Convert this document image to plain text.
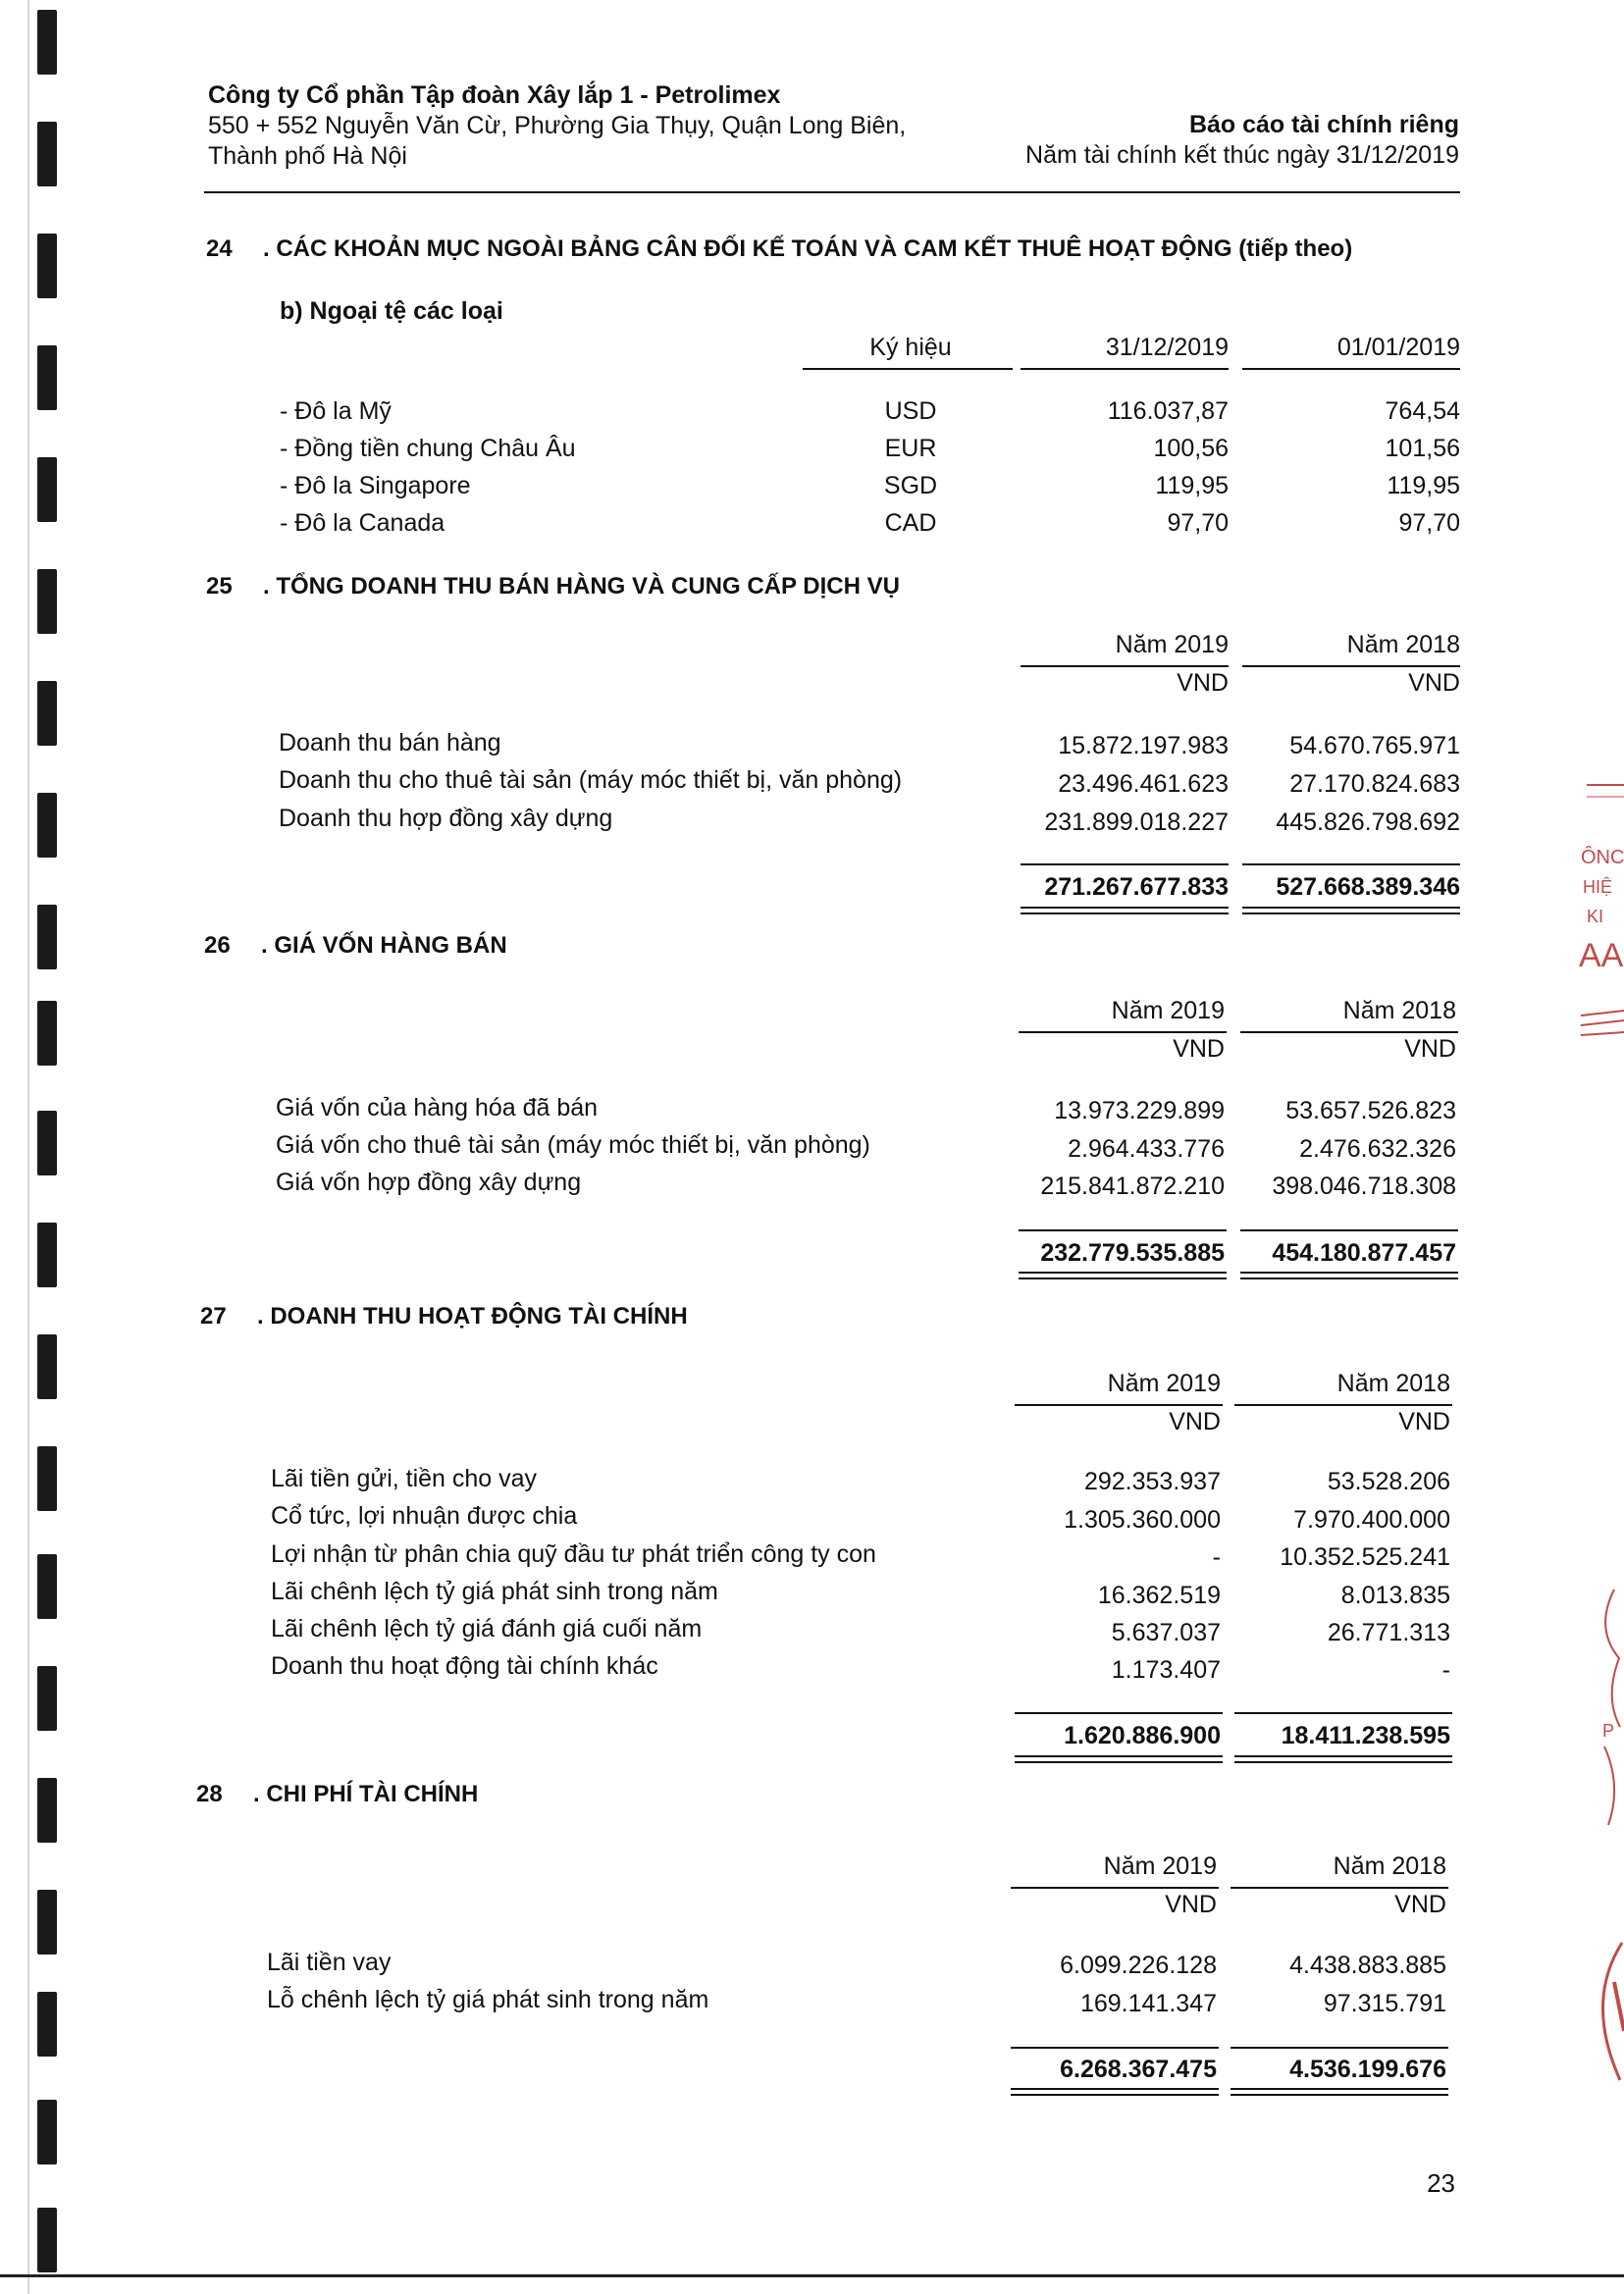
Công ty Cổ phần Tập đoàn Xây lắp 1 - Petrolimex
550 + 552 Nguyễn Văn Cừ, Phường Gia Thụy, Quận Long Biên,
Thành phố Hà Nội
Báo cáo tài chính riêng
Năm tài chính kết thúc ngày 31/12/2019
24	. CÁC KHOẢN MỤC NGOÀI BẢNG CÂN ĐỐI KẾ TOÁN VÀ CAM KẾT THUÊ HOẠT ĐỘNG (tiếp theo)
b) Ngoại tệ các loại
Ký hiệu	31/12/2019	01/01/2019
- Đô la Mỹ	USD	116.037,87	764,54
- Đồng tiền chung Châu Âu	EUR	100,56	101,56
- Đô la Singapore	SGD	119,95	119,95
- Đô la Canada	CAD	97,70	97,70
25	. TỔNG DOANH THU BÁN HÀNG VÀ CUNG CẤP DỊCH VỤ
Năm 2019	Năm 2018
VND	VND
Doanh thu bán hàng	15.872.197.983	54.670.765.971
Doanh thu cho thuê tài sản (máy móc thiết bị, văn phòng)	23.496.461.623	27.170.824.683
Doanh thu hợp đồng xây dựng	231.899.018.227	445.826.798.692
271.267.677.833	527.668.389.346
26	. GIÁ VỐN HÀNG BÁN
Năm 2019	Năm 2018
VND	VND
Giá vốn của hàng hóa đã bán	13.973.229.899	53.657.526.823
Giá vốn cho thuê tài sản (máy móc thiết bị, văn phòng)	2.964.433.776	2.476.632.326
Giá vốn hợp đồng xây dựng	215.841.872.210	398.046.718.308
232.779.535.885	454.180.877.457
27	. DOANH THU HOẠT ĐỘNG TÀI CHÍNH
Năm 2019	Năm 2018
VND	VND
Lãi tiền gửi, tiền cho vay	292.353.937	53.528.206
Cổ tức, lợi nhuận được chia	1.305.360.000	7.970.400.000
Lợi nhận từ phân chia quỹ đầu tư phát triển công ty con	-	10.352.525.241
Lãi chênh lệch tỷ giá phát sinh trong năm	16.362.519	8.013.835
Lãi chênh lệch tỷ giá đánh giá cuối năm	5.637.037	26.771.313
Doanh thu hoạt động tài chính khác	1.173.407	-
1.620.886.900	18.411.238.595
28	. CHI PHÍ TÀI CHÍNH
Năm 2019	Năm 2018
VND	VND
Lãi tiền vay	6.099.226.128	4.438.883.885
Lỗ chênh lệch tỷ giá phát sinh trong năm	169.141.347	97.315.791
6.268.367.475	4.536.199.676
ÔNC
HIỆ
KI
AA
P
23
